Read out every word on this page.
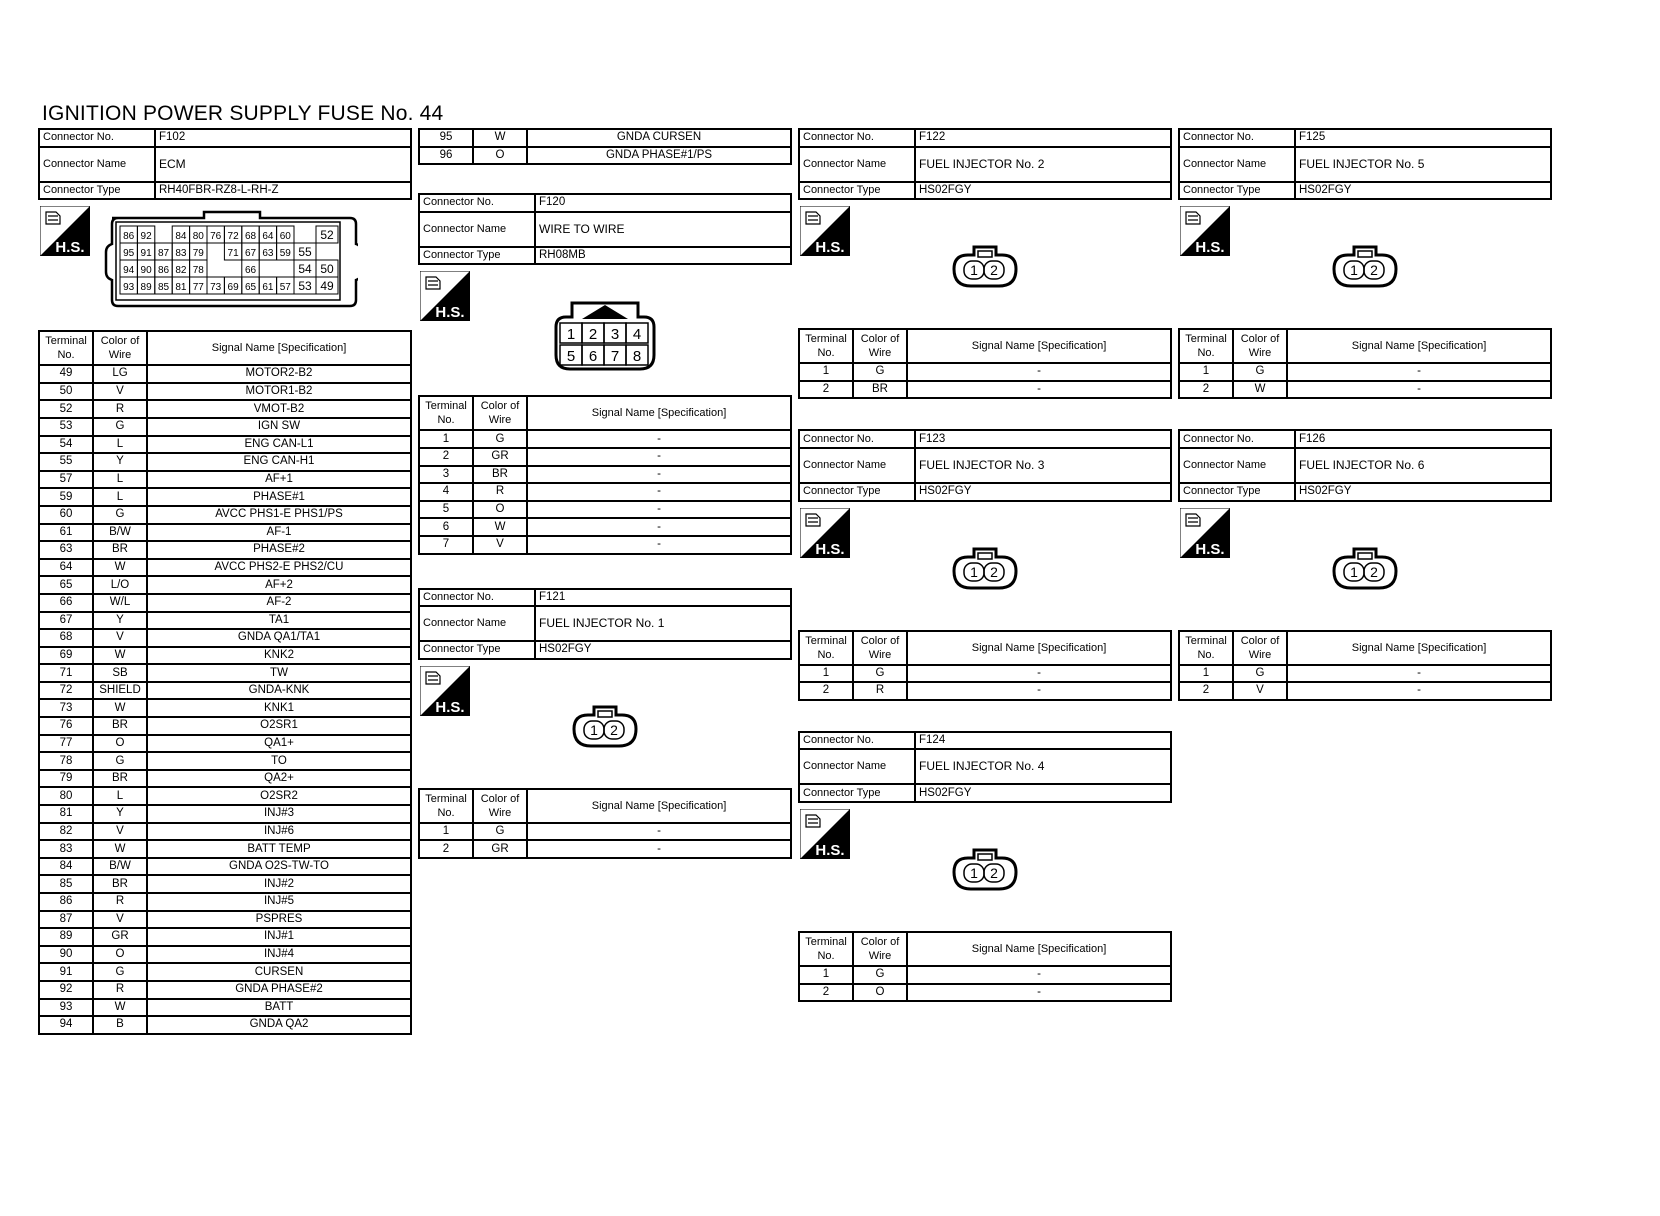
IGNITION POWER SUPPLY FUSE No. 44
Connector No.	F102
Connector Name	ECM
Connector Type	RH40FBR-RZ8-L-RH-Z
H.S.
86 92 84 80 76 72 68 64 60 52
95 91 87 83 79 71 67 63 59 55
94 90 86 82 78	66	54 50
93 89 85 81 77 73 69 65 61 57 53 49
Terminal No.	Color of Wire	Signal Name [Specification]
49	LG	MOTOR2-B2
50	V	MOTOR1-B2
52	R	VMOT-B2
53	G	IGN SW
54	L	ENG CAN-L1
55	Y	ENG CAN-H1
57	L	AF+1
59	L	PHASE#1
60	G	AVCC PHS1-E PHS1/PS
61	B/W	AF-1
63	BR	PHASE#2
64	W	AVCC PHS2-E PHS2/CU
65	L/O	AF+2
66	W/L	AF-2
67	Y	TA1
68	V	GNDA QA1/TA1
69	W	KNK2
71	SB	TW
72	SHIELD	GNDA-KNK
73	W	KNK1
76	BR	O2SR1
77	O	QA1+
78	G	TO
79	BR	QA2+
80	L	O2SR2
81	Y	INJ#3
82	V	INJ#6
83	W	BATT TEMP
84	B/W	GNDA O2S-TW-TO
85	BR	INJ#2
86	R	INJ#5
87	V	PSPRES
89	GR	INJ#1
90	O	INJ#4
91	G	CURSEN
92	R	GNDA PHASE#2
93	W	BATT
94	B	GNDA QA2
95	W	GNDA CURSEN
96	O	GNDA PHASE#1/PS
Connector No.	F120
Connector Name	WIRE TO WIRE
Connector Type	RH08MB
H.S.
1 2 3 4
5 6 7 8
Terminal No.	Color of Wire	Signal Name [Specification]
1	G	-
2	GR	-
3	BR	-
4	R	-
5	O	-
6	W	-
7	V	-
Connector No.	F121
Connector Name	FUEL INJECTOR No. 1
Connector Type	HS02FGY
H.S.
1 2
Terminal No.	Color of Wire	Signal Name [Specification]
1	G	-
2	GR	-
Connector No.	F122
Connector Name	FUEL INJECTOR No. 2
Connector Type	HS02FGY
H.S.
1 2
Terminal No.	Color of Wire	Signal Name [Specification]
1	G	-
2	BR	-
Connector No.	F123
Connector Name	FUEL INJECTOR No. 3
Connector Type	HS02FGY
H.S.
1 2
Terminal No.	Color of Wire	Signal Name [Specification]
1	G	-
2	R	-
Connector No.	F124
Connector Name	FUEL INJECTOR No. 4
Connector Type	HS02FGY
H.S.
1 2
Terminal No.	Color of Wire	Signal Name [Specification]
1	G	-
2	O	-
Connector No.	F125
Connector Name	FUEL INJECTOR No. 5
Connector Type	HS02FGY
H.S.
1 2
Terminal No.	Color of Wire	Signal Name [Specification]
1	G	-
2	W	-
Connector No.	F126
Connector Name	FUEL INJECTOR No. 6
Connector Type	HS02FGY
H.S.
1 2
Terminal No.	Color of Wire	Signal Name [Specification]
1	G	-
2	V	-
